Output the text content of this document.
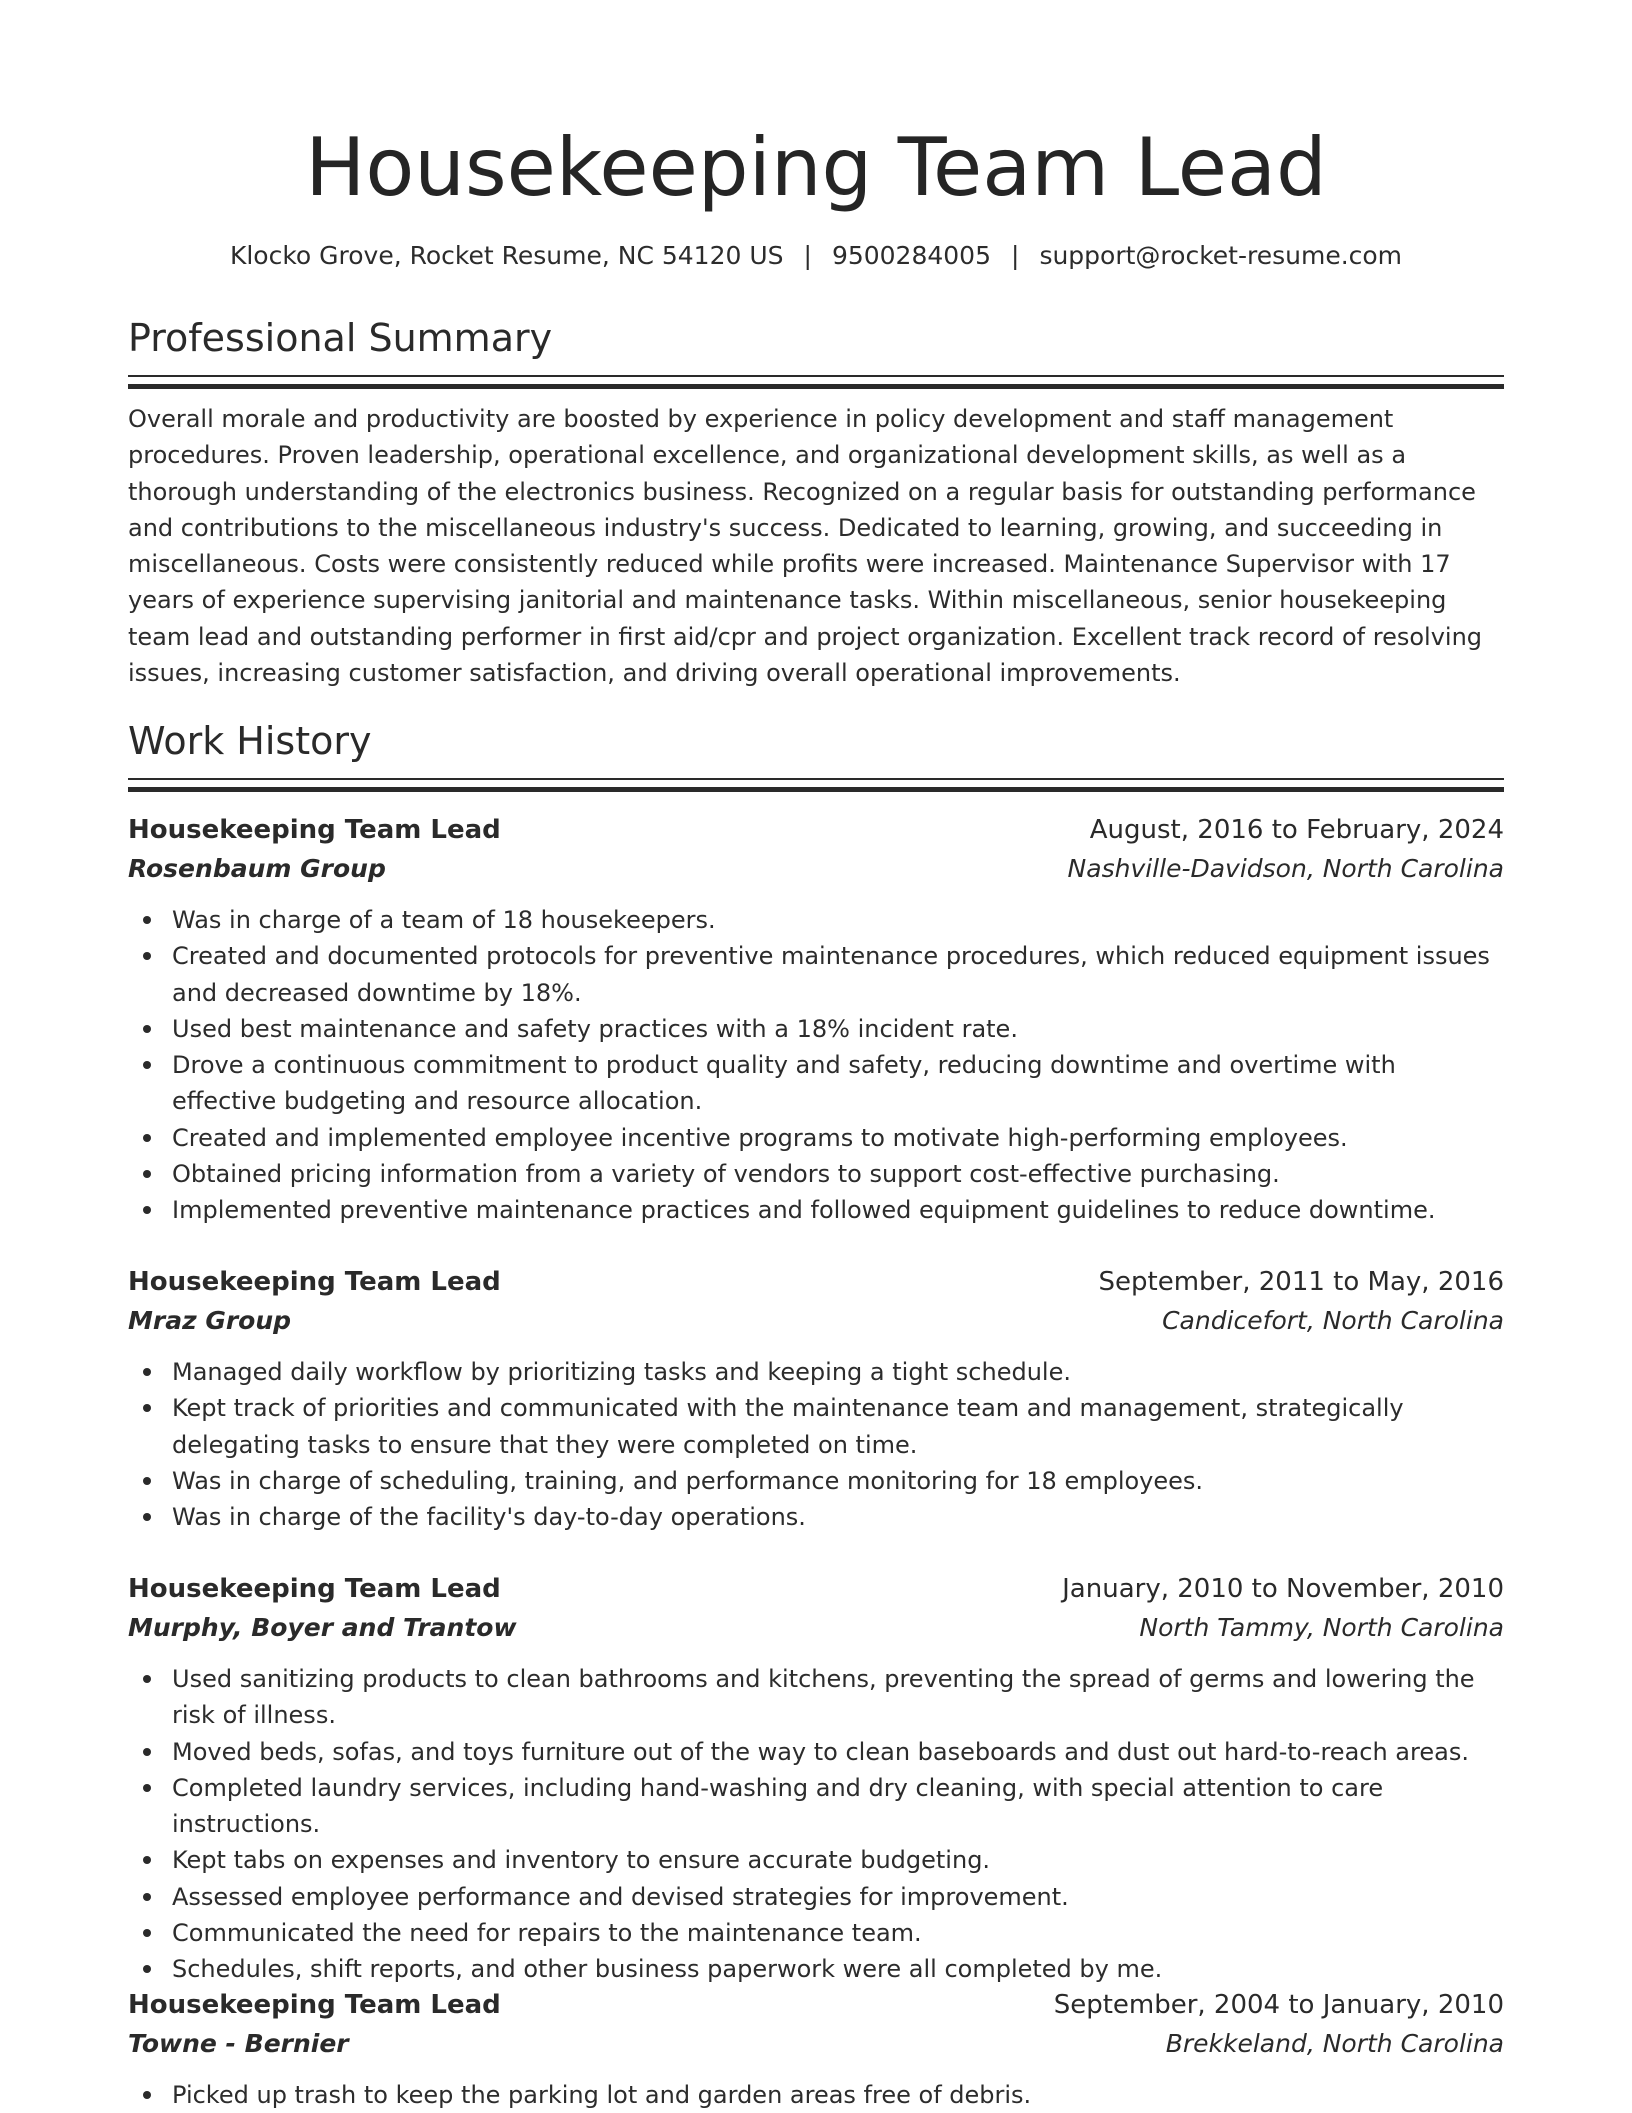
Housekeeping Team Lead
Klocko Grove, Rocket Resume, NC 54120 US | 9500284005 | support@rocket-resume.com
Professional Summary

Overall morale and productivity are boosted by experience in policy development and staff management procedures. Proven leadership, operational excellence, and organizational development skills, as well as a thorough understanding of the electronics business. Recognized on a regular basis for outstanding performance and contributions to the miscellaneous industry's success. Dedicated to learning, growing, and succeeding in miscellaneous. Costs were consistently reduced while profits were increased. Maintenance Supervisor with 17 years of experience supervising janitorial and maintenance tasks. Within miscellaneous, senior housekeeping team lead and outstanding performer in first aid/cpr and project organization. Excellent track record of resolving issues, increasing customer satisfaction, and driving overall operational improvements.

Work History
Housekeeping Team Lead	August, 2016 to February, 2024
Rosenbaum Group	Nashville-Davidson, North Carolina
Was in charge of a team of 18 housekeepers.
Created and documented protocols for preventive maintenance procedures, which reduced equipment issues and decreased downtime by 18%.
Used best maintenance and safety practices with a 18% incident rate.
Drove a continuous commitment to product quality and safety, reducing downtime and overtime with effective budgeting and resource allocation.
Created and implemented employee incentive programs to motivate high-performing employees.
Obtained pricing information from a variety of vendors to support cost-effective purchasing.
Implemented preventive maintenance practices and followed equipment guidelines to reduce downtime.
Housekeeping Team Lead	September, 2011 to May, 2016
Mraz Group	Candicefort, North Carolina
Managed daily workflow by prioritizing tasks and keeping a tight schedule.
Kept track of priorities and communicated with the maintenance team and management, strategically delegating tasks to ensure that they were completed on time.
Was in charge of scheduling, training, and performance monitoring for 18 employees.
Was in charge of the facility's day-to-day operations.
Housekeeping Team Lead	January, 2010 to November, 2010
Murphy, Boyer and Trantow	North Tammy, North Carolina
Used sanitizing products to clean bathrooms and kitchens, preventing the spread of germs and lowering the risk of illness.
Moved beds, sofas, and toys furniture out of the way to clean baseboards and dust out hard-to-reach areas.
Completed laundry services, including hand-washing and dry cleaning, with special attention to care instructions.
Kept tabs on expenses and inventory to ensure accurate budgeting.
Assessed employee performance and devised strategies for improvement.
Communicated the need for repairs to the maintenance team.
Schedules, shift reports, and other business paperwork were all completed by me.
Housekeeping Team Lead	September, 2004 to January, 2010
Towne - Bernier	Brekkeland, North Carolina
Picked up trash to keep the parking lot and garden areas free of debris.
